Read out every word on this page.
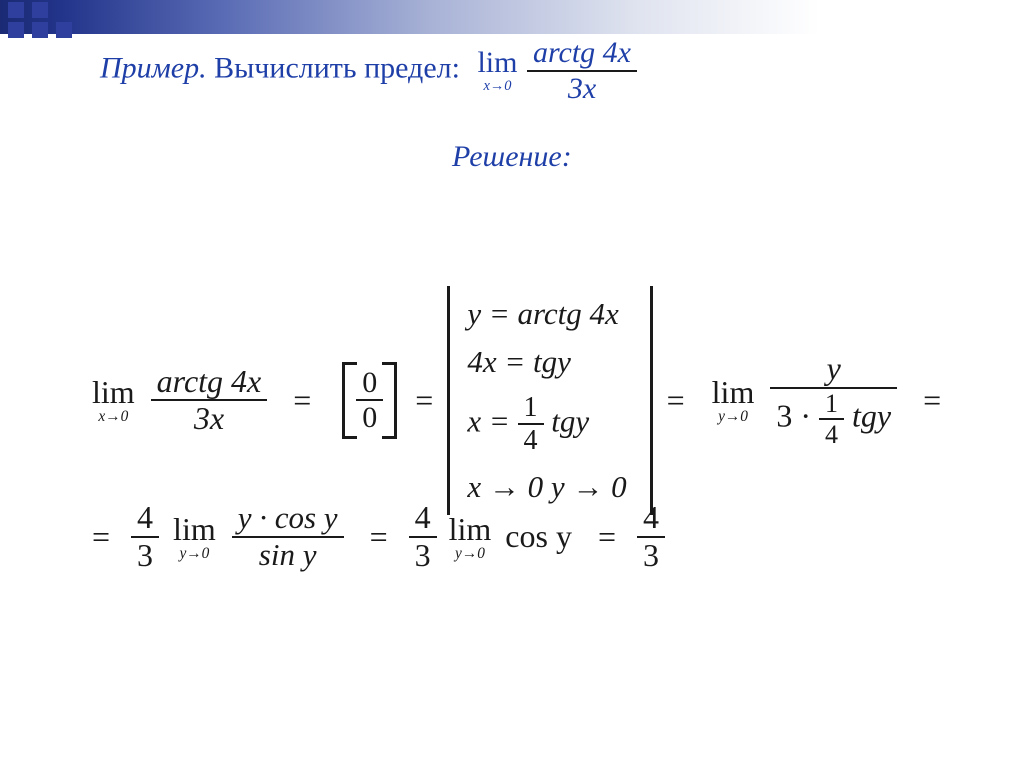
Пример. Вычислить предел: lim
x→0
$\frac{\text{arctg 4x}}{3x}$
Решение:
lim
x→0
$\frac{\text{arctg 4x}}{3x} = \frac{0}{0}$ =
y = arctg 4x
4x = tgy
$x = \frac{1}{4}$ tgy
x → 0 y → 0
= lim
y→0
$\frac{y}{3 \cdot \frac{1}{4} tgy}$ =
= $\frac{4}{3}$
lim
y→0
$\frac{\text{y · cos y}}{\text{sin y}} = \frac{4}{3}$
lim
y→0 $\cos y = \frac{4}{3}$
